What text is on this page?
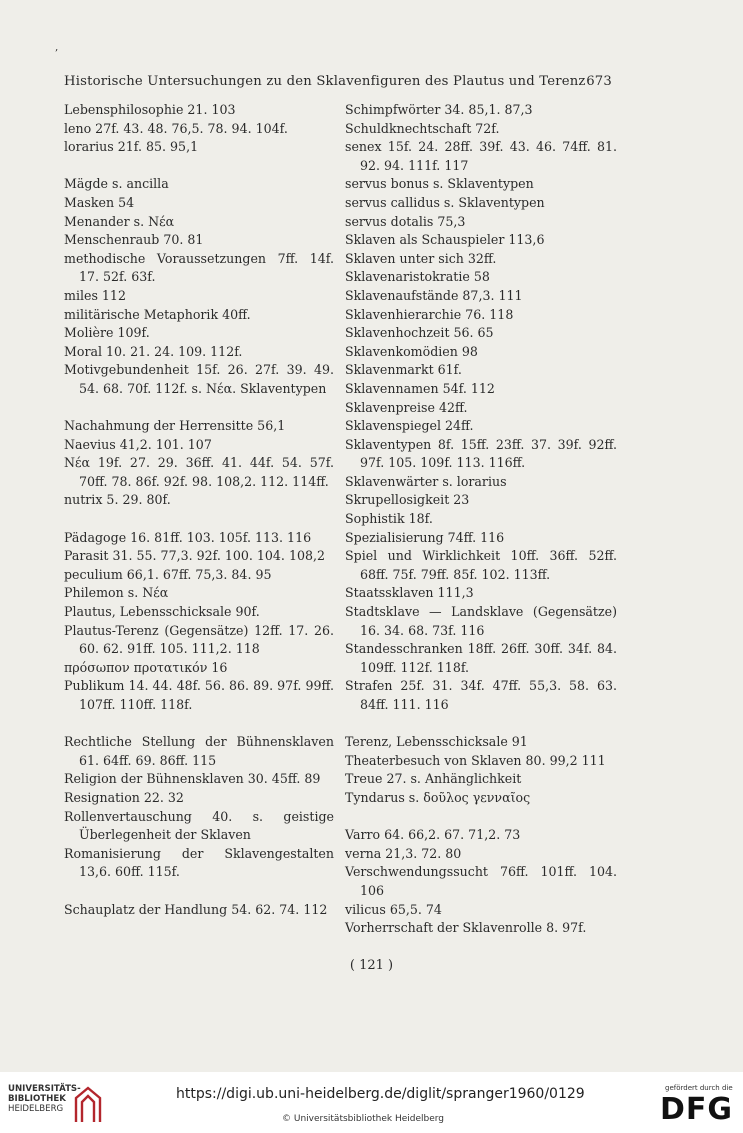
‚
Historische Untersuchungen zu den Sklavenfiguren des Plautus und Terenz 673
Lebensphilosophie 21. 103
leno 27f. 43. 48. 76,5. 78. 94. 104f.
lorarius 21f. 85. 95,1
Mägde s. ancilla
Masken 54
Menander s. Νέα
Menschenraub 70. 81
methodische Voraussetzungen 7ff. 14f. 17. 52f. 63f.
miles 112
militärische Metaphorik 40ff.
Molière 109f.
Moral 10. 21. 24. 109. 112f.
Motivgebundenheit 15f. 26. 27f. 39. 49. 54. 68. 70f. 112f. s. Νέα. Sklaventypen
Nachahmung der Herrensitte 56,1
Naevius 41,2. 101. 107
Νέα 19f. 27. 29. 36ff. 41. 44f. 54. 57f. 70ff. 78. 86f. 92f. 98. 108,2. 112. 114ff.
nutrix 5. 29. 80f.
Pädagoge 16. 81ff. 103. 105f. 113. 116
Parasit 31. 55. 77,3. 92f. 100. 104. 108,2
peculium 66,1. 67ff. 75,3. 84. 95
Philemon s. Νέα
Plautus, Lebensschicksale 90f.
Plautus-Terenz (Gegensätze) 12ff. 17. 26. 60. 62. 91ff. 105. 111,2. 118
πρόσωπον προτατικόν 16
Publikum 14. 44. 48f. 56. 86. 89. 97f. 99ff. 107ff. 110ff. 118f.
Rechtliche Stellung der Bühnensklaven 61. 64ff. 69. 86ff. 115
Religion der Bühnensklaven 30. 45ff. 89
Resignation 22. 32
Rollenvertauschung 40. s. geistige Überlegenheit der Sklaven
Romanisierung der Sklavengestalten 13,6. 60ff. 115f.
Schauplatz der Handlung 54. 62. 74. 112
Schimpfwörter 34. 85,1. 87,3
Schuldknechtschaft 72f.
senex 15f. 24. 28ff. 39f. 43. 46. 74ff. 81. 92. 94. 111f. 117
servus bonus s. Sklaventypen
servus callidus s. Sklaventypen
servus dotalis 75,3
Sklaven als Schauspieler 113,6
Sklaven unter sich 32ff.
Sklavenaristokratie 58
Sklavenaufstände 87,3. 111
Sklavenhierarchie 76. 118
Sklavenhochzeit 56. 65
Sklavenkomödien 98
Sklavenmarkt 61f.
Sklavennamen 54f. 112
Sklavenpreise 42ff.
Sklavenspiegel 24ff.
Sklaventypen 8f. 15ff. 23ff. 37. 39f. 92ff. 97f. 105. 109f. 113. 116ff.
Sklavenwärter s. lorarius
Skrupellosigkeit 23
Sophistik 18f.
Spezialisierung 74ff. 116
Spiel und Wirklichkeit 10ff. 36ff. 52ff. 68ff. 75f. 79ff. 85f. 102. 113ff.
Staatssklaven 111,3
Stadtsklave — Landsklave (Gegensätze) 16. 34. 68. 73f. 116
Standesschranken 18ff. 26ff. 30ff. 34f. 84. 109ff. 112f. 118f.
Strafen 25f. 31. 34f. 47ff. 55,3. 58. 63. 84ff. 111. 116
Terenz, Lebensschicksale 91
Theaterbesuch von Sklaven 80. 99,2 111
Treue 27. s. Anhänglichkeit
Tyndarus s. δοῦλος γενναῖος
Varro 64. 66,2. 67. 71,2. 73
verna 21,3. 72. 80
Verschwendungssucht 76ff. 101ff. 104. 106
vilicus 65,5. 74
Vorherrschaft der Sklavenrolle 8. 97f.
( 121 )
UNIVERSITÄTS-
BIBLIOTHEK
HEIDELBERG
https://digi.ub.uni-heidelberg.de/diglit/spranger1960/0129
© Universitätsbibliothek Heidelberg
gefördert durch die
DFG
